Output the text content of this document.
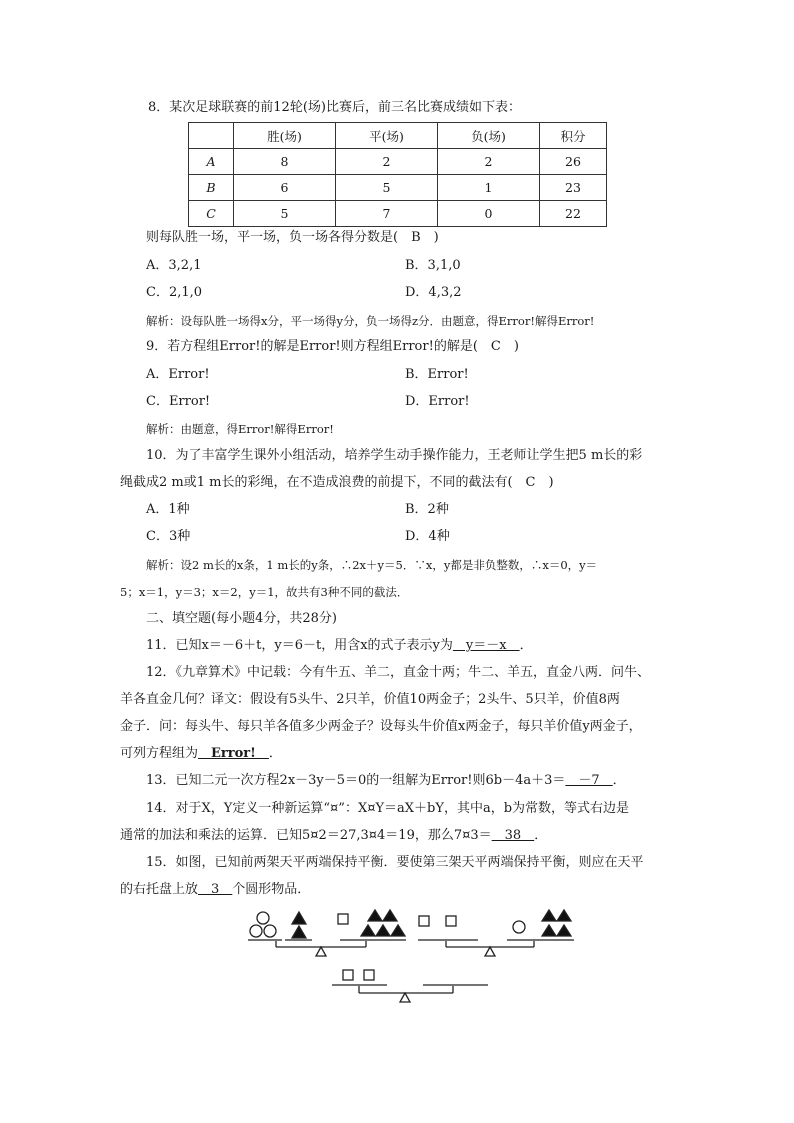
8．某次足球联赛的前12轮(场)比赛后，前三名比赛成绩如下表：
	胜(场)	平(场)	负(场)	积分
A	8	2	2	26
B	6	5	1	23
C	5	7	0	22
则每队胜一场，平一场，负一场各得分数是(　B　)
A．3,2,1	B．3,1,0
C．2,1,0	D．4,3,2
解析：设每队胜一场得x分，平一场得y分，负一场得z分．由题意，得Error!解得Error!
9．若方程组Error!的解是Error!则方程组Error!的解是(　C　)
A．Error!	B．Error!
C．Error!	D．Error!
解析：由题意，得Error!解得Error!
10．为了丰富学生课外小组活动，培养学生动手操作能力，王老师让学生把5 m长的彩
绳截成2 m或1 m长的彩绳，在不造成浪费的前提下，不同的截法有(　C　)
A．1种	B．2种
C．3种	D．4种
解析：设2 m长的x条，1 m长的y条，∴2x＋y＝5．∵x，y都是非负整数，∴x＝0，y＝
5；x＝1，y＝3；x＝2，y＝1，故共有3种不同的截法．
二、填空题(每小题4分，共28分)
11．已知x＝－6＋t，y＝6－t，用含x的式子表示y为　y＝－x　．
12．《九章算术》中记载：今有牛五、羊二，直金十两；牛二、羊五，直金八两．问牛、
羊各直金几何？译文：假设有5头牛、2只羊，价值10两金子；2头牛、5只羊，价值8两
金子．问：每头牛、每只羊各值多少两金子？设每头牛价值x两金子，每只羊价值y两金子，
可列方程组为　Error!　．
13．已知二元一次方程2x－3y－5＝0的一组解为Error!则6b－4a＋3＝　－7　．
14．对于X，Y定义一种新运算“¤”：X¤Y＝aX＋bY，其中a，b为常数，等式右边是
通常的加法和乘法的运算．已知5¤2＝27,3¤4＝19，那么7¤3＝　38　．
15．如图，已知前两架天平两端保持平衡．要使第三架天平两端保持平衡，则应在天平
的右托盘上放　3　个圆形物品．
